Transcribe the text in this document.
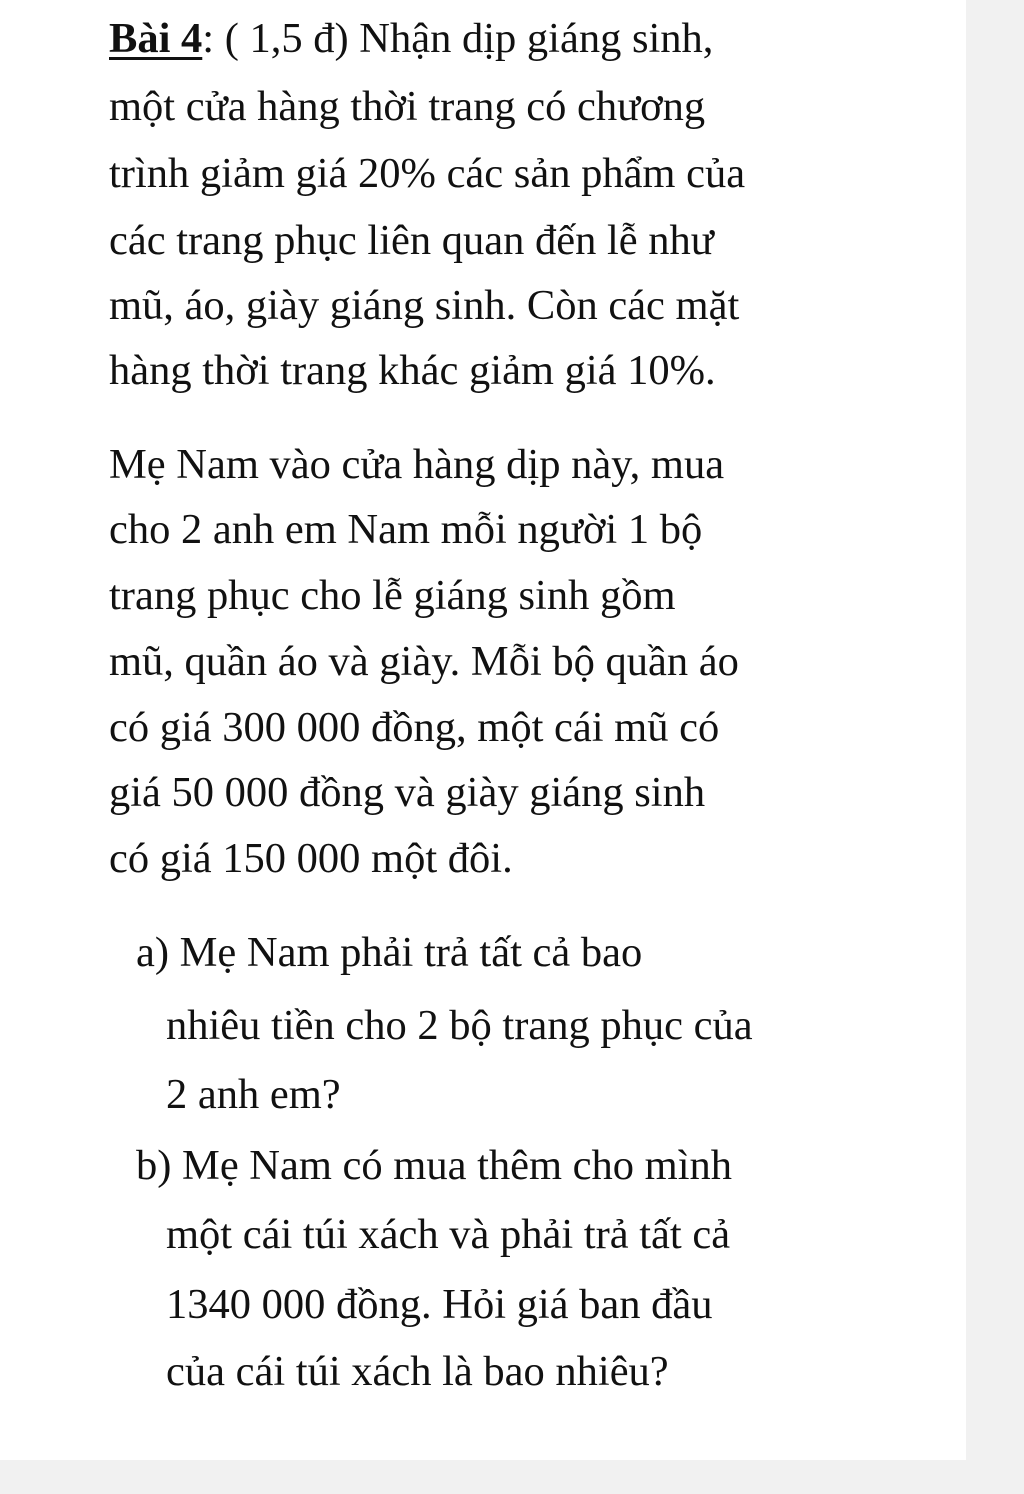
Bài 4: ( 1,5 đ) Nhận dịp giáng sinh,
một cửa hàng thời trang có chương
trình giảm giá 20% các sản phẩm của
các trang phục liên quan đến lễ như
mũ, áo, giày giáng sinh. Còn các mặt
hàng thời trang khác giảm giá 10%.
Mẹ Nam vào cửa hàng dịp này, mua
cho 2 anh em Nam mỗi người 1 bộ
trang phục cho lễ giáng sinh gồm
mũ, quần áo và giày. Mỗi bộ quần áo
có giá 300 000 đồng, một cái mũ có
giá 50 000 đồng và giày giáng sinh
có giá 150 000 một đôi.
a) Mẹ Nam phải trả tất cả bao
nhiêu tiền cho 2 bộ trang phục của
2 anh em?
b) Mẹ Nam có mua thêm cho mình
một cái túi xách và phải trả tất cả
1340 000 đồng. Hỏi giá ban đầu
của cái túi xách là bao nhiêu?
